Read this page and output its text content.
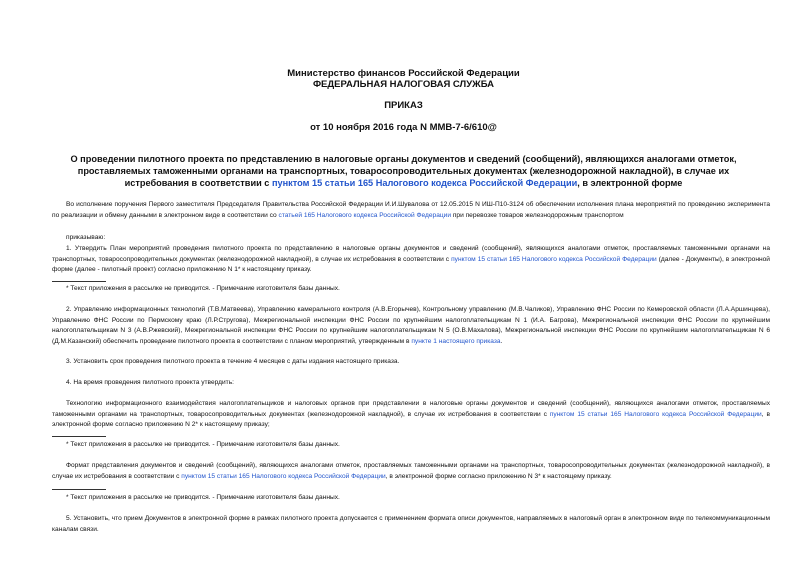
Министерство финансов Российской Федерации
ФЕДЕРАЛЬНАЯ НАЛОГОВАЯ СЛУЖБА
ПРИКАЗ
от 10 ноября 2016 года N ММВ-7-6/610@
О проведении пилотного проекта по представлению в налоговые органы документов и сведений (сообщений), являющихся аналогами отметок, проставляемых таможенными органами на транспортных, товаросопроводительных документах (железнодорожной накладной), в случае их истребования в соответствии с пунктом 15 статьи 165 Налогового кодекса Российской Федерации, в электронной форме
Во исполнение поручения Первого заместителя Председателя Правительства Российской Федерации И.И.Шувалова от 12.05.2015 N ИШ-П10-3124 об обеспечении исполнения плана мероприятий по проведению эксперимента по реализации и обмену данными в электронном виде в соответствии со статьей 165 Налогового кодекса Российской Федерации при перевозке товаров железнодорожным транспортом
приказываю:
1. Утвердить План мероприятий проведения пилотного проекта по представлению в налоговые органы документов и сведений (сообщений), являющихся аналогами отметок, проставляемых таможенными органами на транспортных, товаросопроводительных документах (железнодорожной накладной), в случае их истребования в соответствии с пунктом 15 статьи 165 Налогового кодекса Российской Федерации (далее - Документы), в электронной форме (далее - пилотный проект) согласно приложению N 1* к настоящему приказу.
* Текст приложения в рассылке не приводится. - Примечание изготовителя базы данных.
2. Управлению информационных технологий (Т.В.Матвеева), Управлению камерального контроля (А.В.Егорычев), Контрольному управлению (М.В.Чаликов), Управлению ФНС России по Кемеровской области (Л.А.Аршинцева), Управлению ФНС России по Пермскому краю (Л.Р.Стругова), Межрегиональной инспекции ФНС России по крупнейшим налогоплательщикам N 1 (И.А. Багрова), Межрегиональной инспекции ФНС России по крупнейшим налогоплательщикам N 3 (А.В.Ржевский), Межрегиональной инспекции ФНС России по крупнейшим налогоплательщикам N 5 (О.В.Махалова), Межрегиональной инспекции ФНС России по крупнейшим налогоплательщикам N 6 (Д.М.Казанский) обеспечить проведение пилотного проекта в соответствии с планом мероприятий, утвержденным в пункте 1 настоящего приказа.
3. Установить срок проведения пилотного проекта в течение 4 месяцев с даты издания настоящего приказа.
4. На время проведения пилотного проекта утвердить:
Технологию информационного взаимодействия налогоплательщиков и налоговых органов при представлении в налоговые органы документов и сведений (сообщений), являющихся аналогами отметок, проставляемых таможенными органами на транспортных, товаросопроводительных документах (железнодорожной накладной), в случае их истребования в соответствии с пунктом 15 статьи 165 Налогового кодекса Российской Федерации, в электронной форме согласно приложению N 2* к настоящему приказу;
* Текст приложения в рассылке не приводится. - Примечание изготовителя базы данных.
Формат представления документов и сведений (сообщений), являющихся аналогами отметок, проставляемых таможенными органами на транспортных, товаросопроводительных документах (железнодорожной накладной), в случае их истребования в соответствии с пунктом 15 статьи 165 Налогового кодекса Российской Федерации, в электронной форме согласно приложению N 3* к настоящему приказу.
* Текст приложения в рассылке не приводится. - Примечание изготовителя базы данных.
5. Установить, что прием Документов в электронной форме в рамках пилотного проекта допускается с применением формата описи документов, направляемых в налоговый орган в электронном виде по телекоммуникационным каналам связи.
